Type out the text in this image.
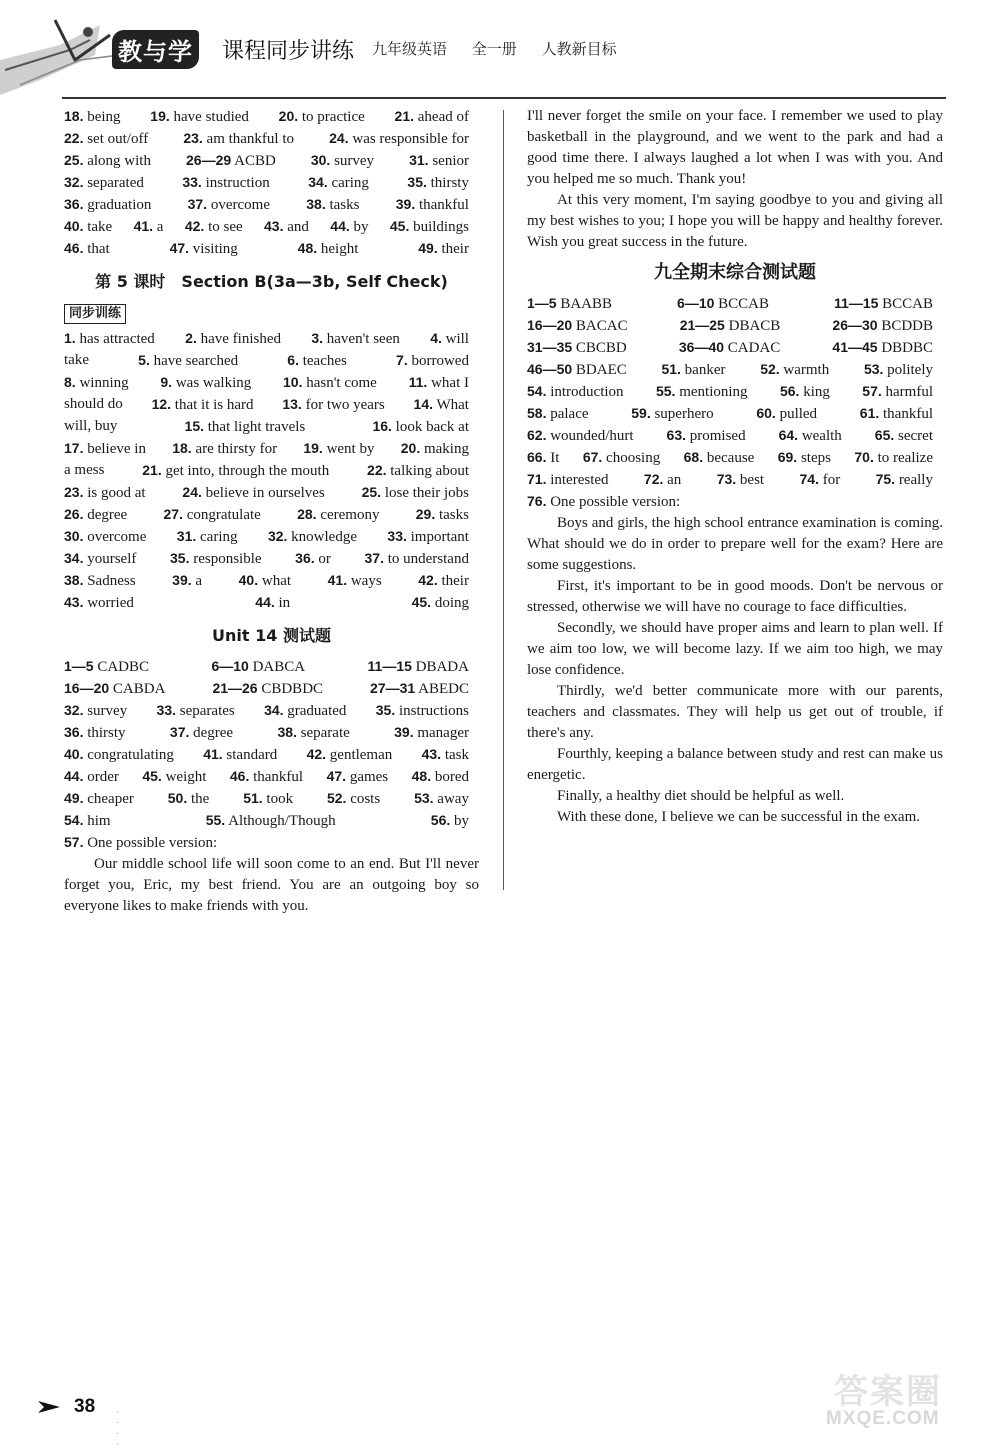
教与学 课程同步讲练 九年级英语 全一册 人教新目标
18. being 19. have studied 20. to practice 21. ahead of
22. set out/off	23. am thankful to	24. was responsible for
25. along with	26—29 ACBD	30. survey	31. senior
32. separated	33. instruction	34. caring	35. thirsty
36. graduation	37. overcome	38. tasks	39. thankful
40. take 41. a 42. to see 43. and 44. by 45. buildings
46. that	47. visiting	48. height	49. their
第 5 课时　Section B(3a—3b, Self Check)
同步训练
1. has attracted 2. have finished 3. haven't seen 4. will
take	5. have searched	6. teaches	7. borrowed
8. winning 9. was walking 10. hasn't come 11. what I
should do 12. that it is hard 13. for two years 14. What
will, buy	15. that light travels	16. look back at
17. believe in 18. are thirsty for 19. went by 20. making
a mess	21. get into, through the mouth	22. talking about
23. is good at	24. believe in ourselves	25. lose their jobs
26. degree	27. congratulate	28. ceremony	29. tasks
30. overcome 31. caring 32. knowledge 33. important
34. yourself 35. responsible 36. or 37. to understand
38. Sadness	39. a	40. what	41. ways	42. their
43. worried	44. in	45. doing
Unit 14 测试题
1—5 CADBC	6—10 DABCA	11—15 DBADA
16—20 CABDA	21—26 CBDBDC	27—31 ABEDC
32. survey 33. separates 34. graduated 35. instructions
36. thirsty	37. degree	38. separate	39. manager
40. congratulating 41. standard 42. gentleman 43. task
44. order 45. weight 46. thankful 47. games 48. bored
49. cheaper 50. the 51. took 52. costs 53. away
54. him	55. Although/Though	56. by
57. One possible version:
Our middle school life will soon come to an end. But I'll never forget you, Eric, my best friend. You are an outgoing boy so everyone likes to make friends with you.
I'll never forget the smile on your face. I remember we used to play basketball in the playground, and we went to the park and had a good time there. I always laughed a lot when I was with you. And you helped me so much. Thank you!
At this very moment, I'm saying goodbye to you and giving all my best wishes to you; I hope you will be happy and healthy forever. Wish you great success in the future.
九全期末综合测试题
1—5 BAABB	6—10 BCCAB	11—15 BCCAB
16—20 BACAC	21—25 DBACB	26—30 BCDDB
31—35 CBCBD	36—40 CADAC	41—45 DBDBC
46—50 BDAEC 51. banker 52. warmth 53. politely
54. introduction 55. mentioning 56. king 57. harmful
58. palace	59. superhero	60. pulled	61. thankful
62. wounded/hurt 63. promised 64. wealth 65. secret
66. It 67. choosing 68. because 69. steps 70. to realize
71. interested	72. an	73. best	74. for	75. really
76. One possible version:
Boys and girls, the high school entrance examination is coming. What should we do in order to prepare well for the exam? Here are some suggestions.
First, it's important to be in good moods. Don't be nervous or stressed, otherwise we will have no courage to face difficulties.
Secondly, we should have proper aims and learn to plan well. If we aim too low, we will become lazy. If we aim too high, we may lose confidence.
Thirdly, we'd better communicate more with our parents, teachers and classmates. They will help us get out of trouble, if there's any.
Fourthly, keeping a balance between study and rest can make us energetic.
Finally, a healthy diet should be helpful as well.
With these done, I believe we can be successful in the exam.
38 · · · ·
答案圈
MXQE.COM
